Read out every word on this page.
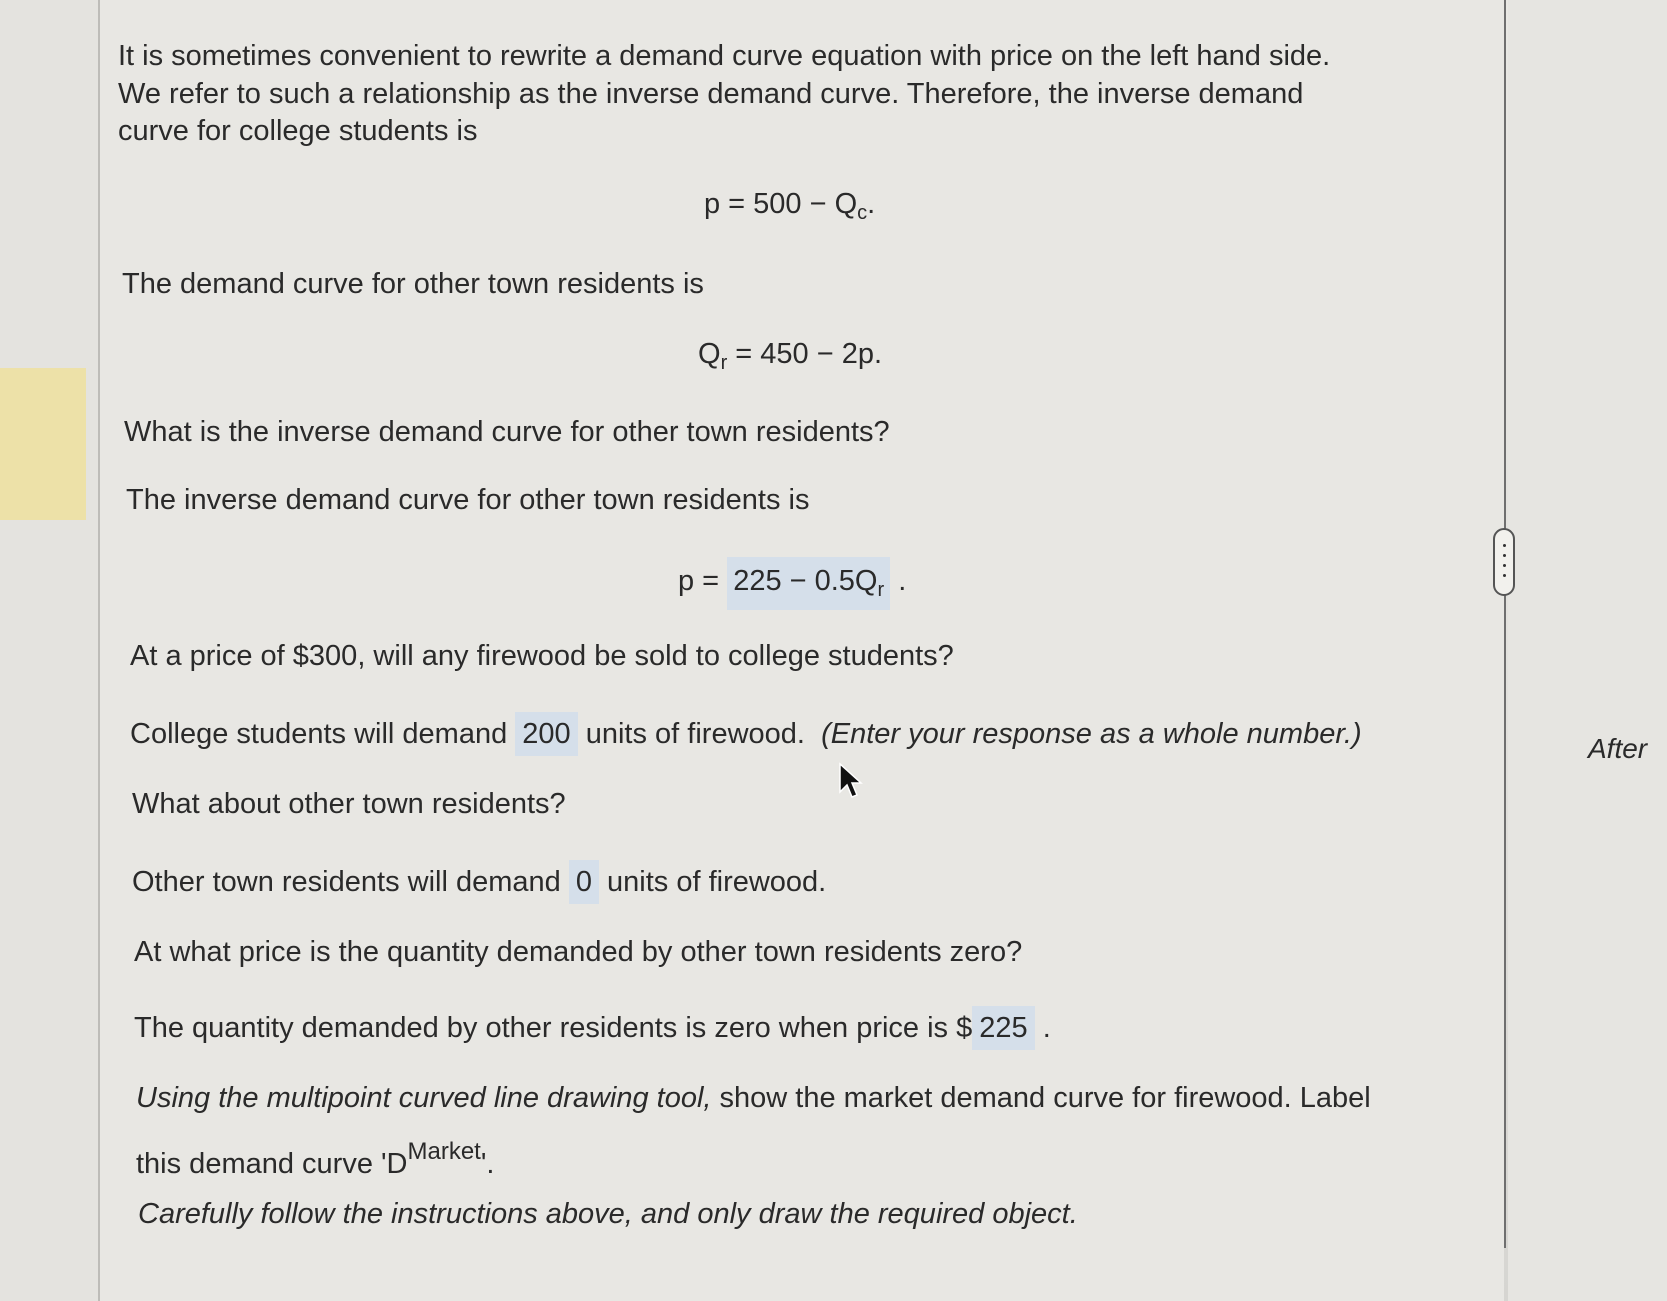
It is sometimes convenient to rewrite a demand curve equation with price on the left hand side.
We refer to such a relationship as the inverse demand curve. Therefore, the inverse demand
curve for college students is
$p = 500 - Q_c$.
The demand curve for other town residents is
$Q_r = 450 - 2p$.
What is the inverse demand curve for other town residents?
The inverse demand curve for other town residents is
$p = 225 - 0.5Q_r$ .
At a price of $300, will any firewood be sold to college students?
College students will demand 200 units of firewood. (Enter your response as a whole number.)
What about other town residents?
Other town residents will demand 0 units of firewood.
At what price is the quantity demanded by other town residents zero?
The quantity demanded by other residents is zero when price is $ 225 .
Using the multipoint curved line drawing tool, show the market demand curve for firewood. Label
this demand curve '$D^{Market}$'.
Carefully follow the instructions above, and only draw the required object.
After
